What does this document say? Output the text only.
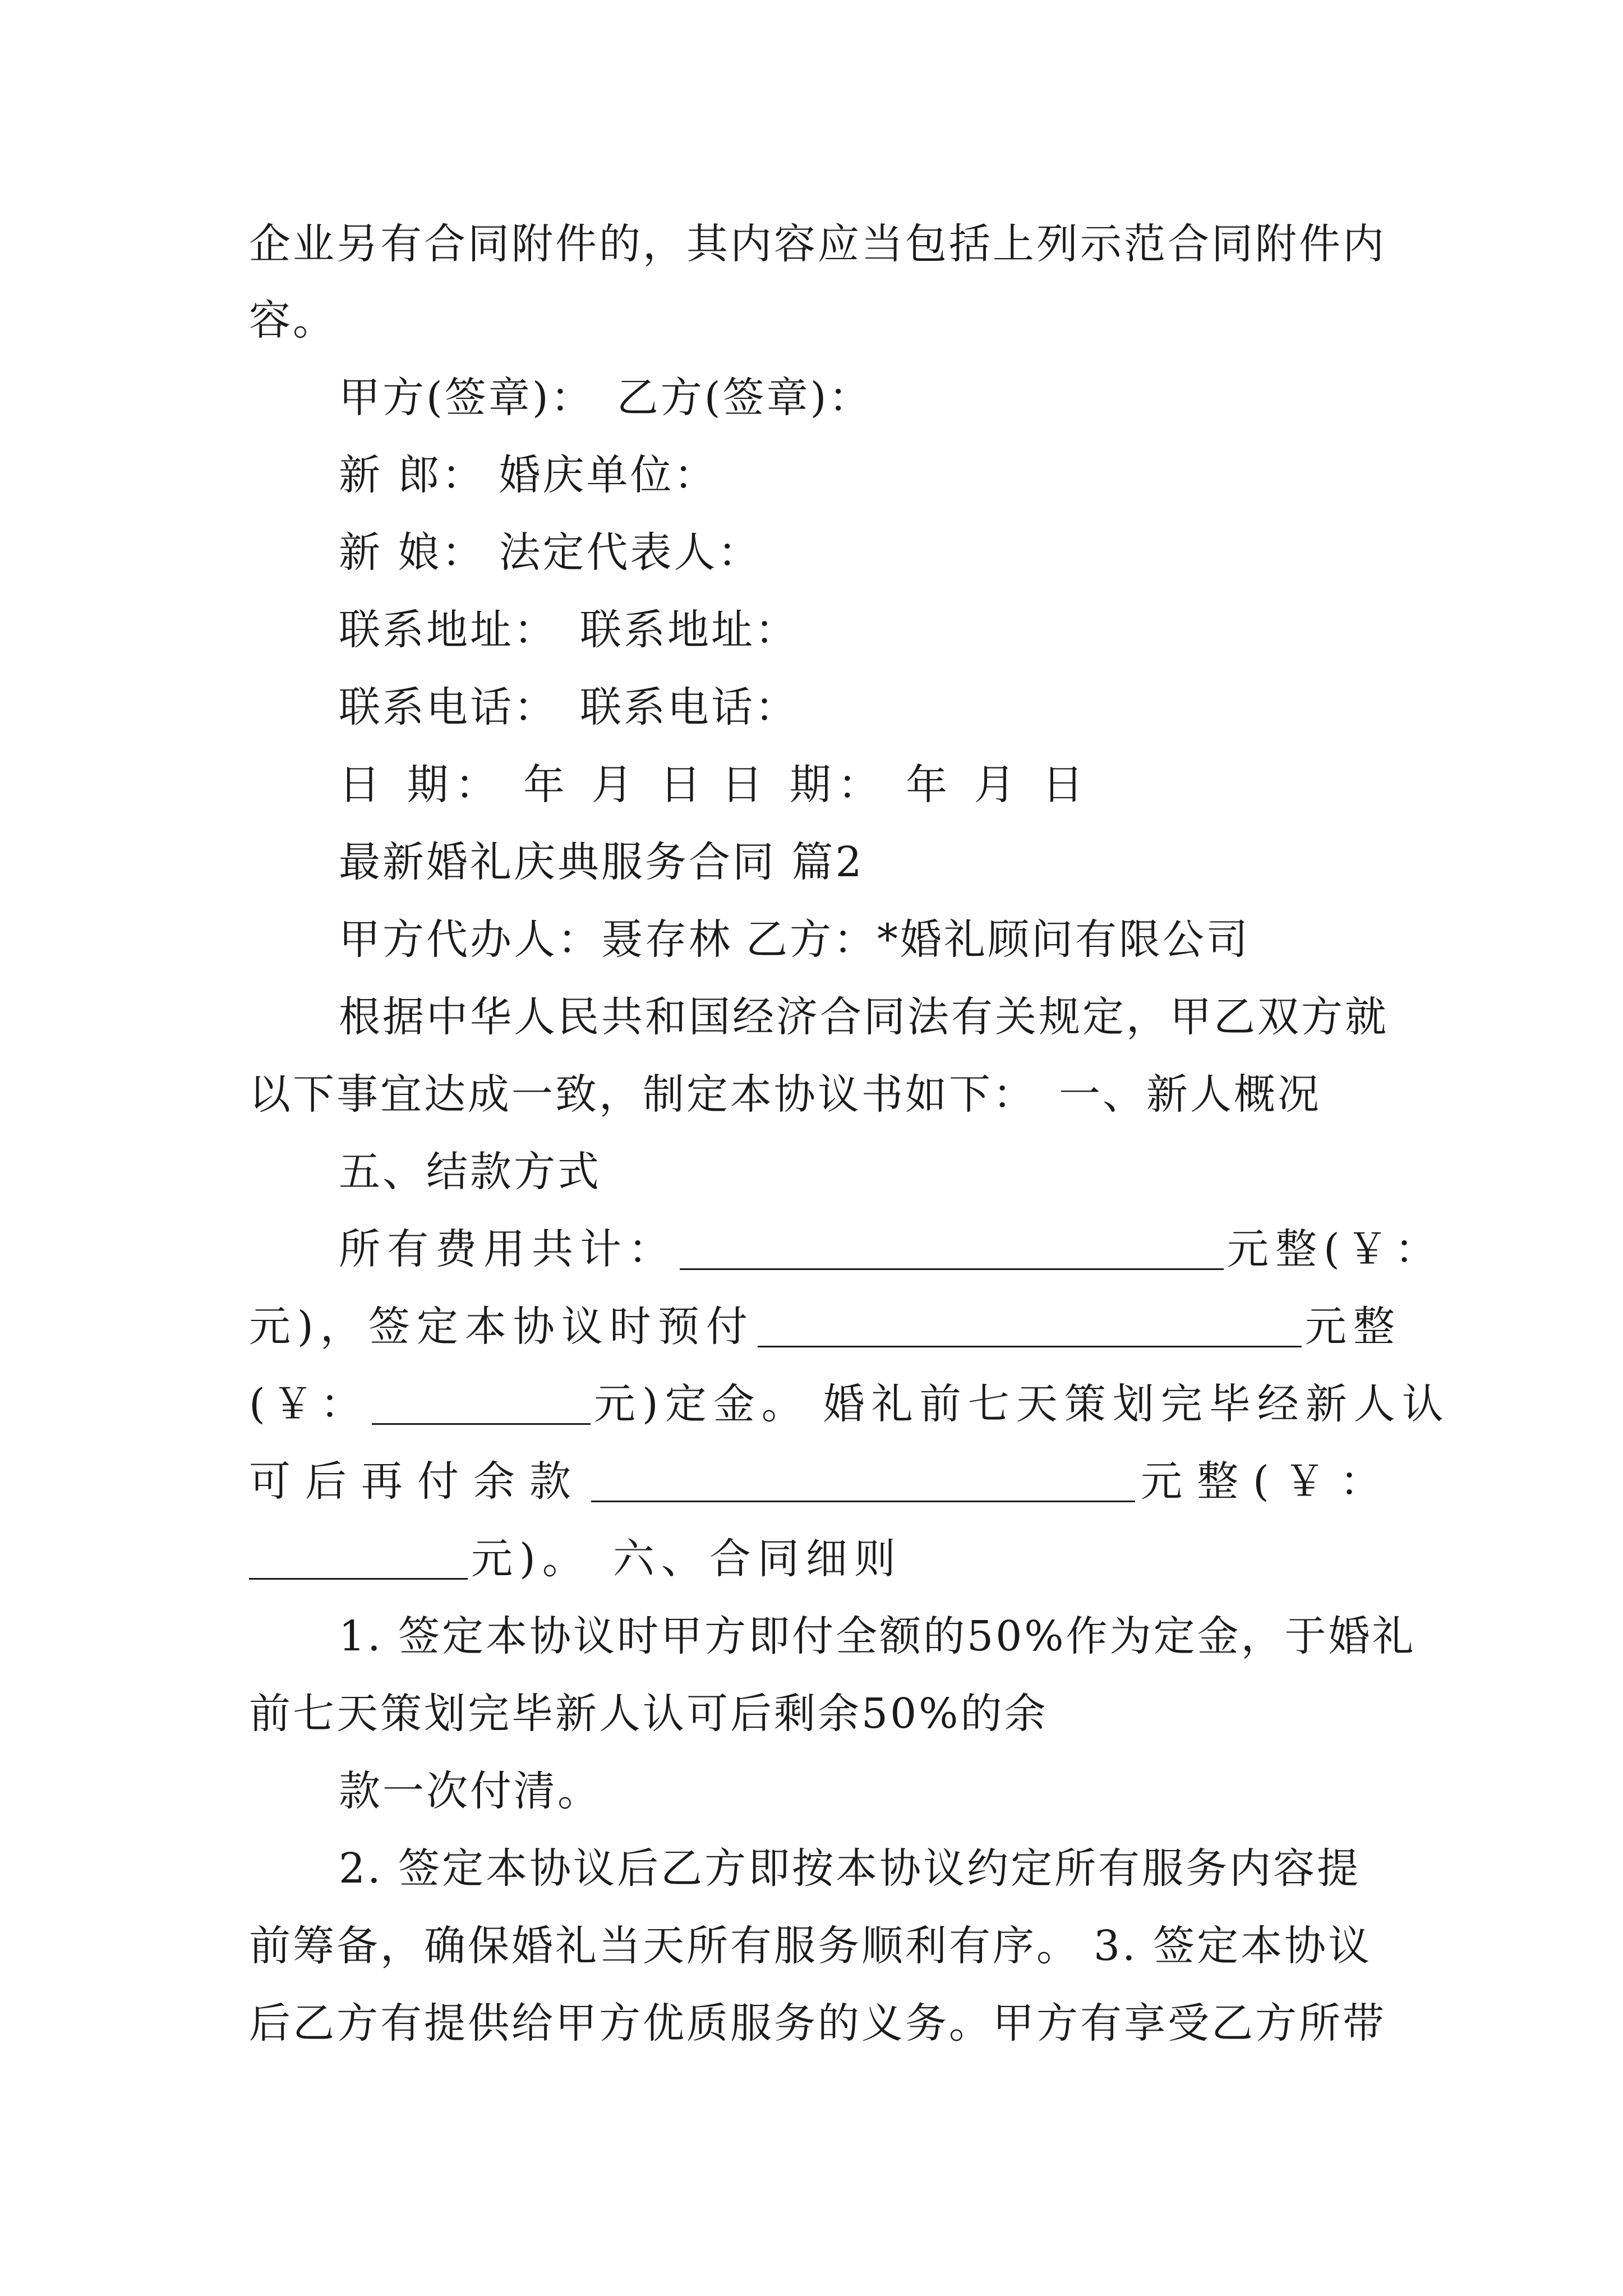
企业另有合同附件的，其内容应当包括上列示范合同附件内
容。
甲方(签章)： 乙方(签章)：
新 郎： 婚庆单位：
新 娘： 法定代表人：
联系地址： 联系地址：
联系电话： 联系电话：
日 期： 年 月 日 日 期： 年 月 日
最新婚礼庆典服务合同 篇2
甲方代办人：聂存林 乙方：*婚礼顾问有限公司
根据中华人民共和国经济合同法有关规定，甲乙双方就
以下事宜达成一致，制定本协议书如下： 一、新人概况
五、结款方式
所有费用共计：	元整(￥：
元)，签定本协议时预付	元整
(￥：	元)定金。 婚礼前七天策划完毕经新人认
可后再付余款	元整(￥：
元)。 六、合同细则
1. 签定本协议时甲方即付全额的50%作为定金，于婚礼
前七天策划完毕新人认可后剩余50%的余
款一次付清。
2. 签定本协议后乙方即按本协议约定所有服务内容提
前筹备，确保婚礼当天所有服务顺利有序。 3. 签定本协议
后乙方有提供给甲方优质服务的义务。甲方有享受乙方所带
